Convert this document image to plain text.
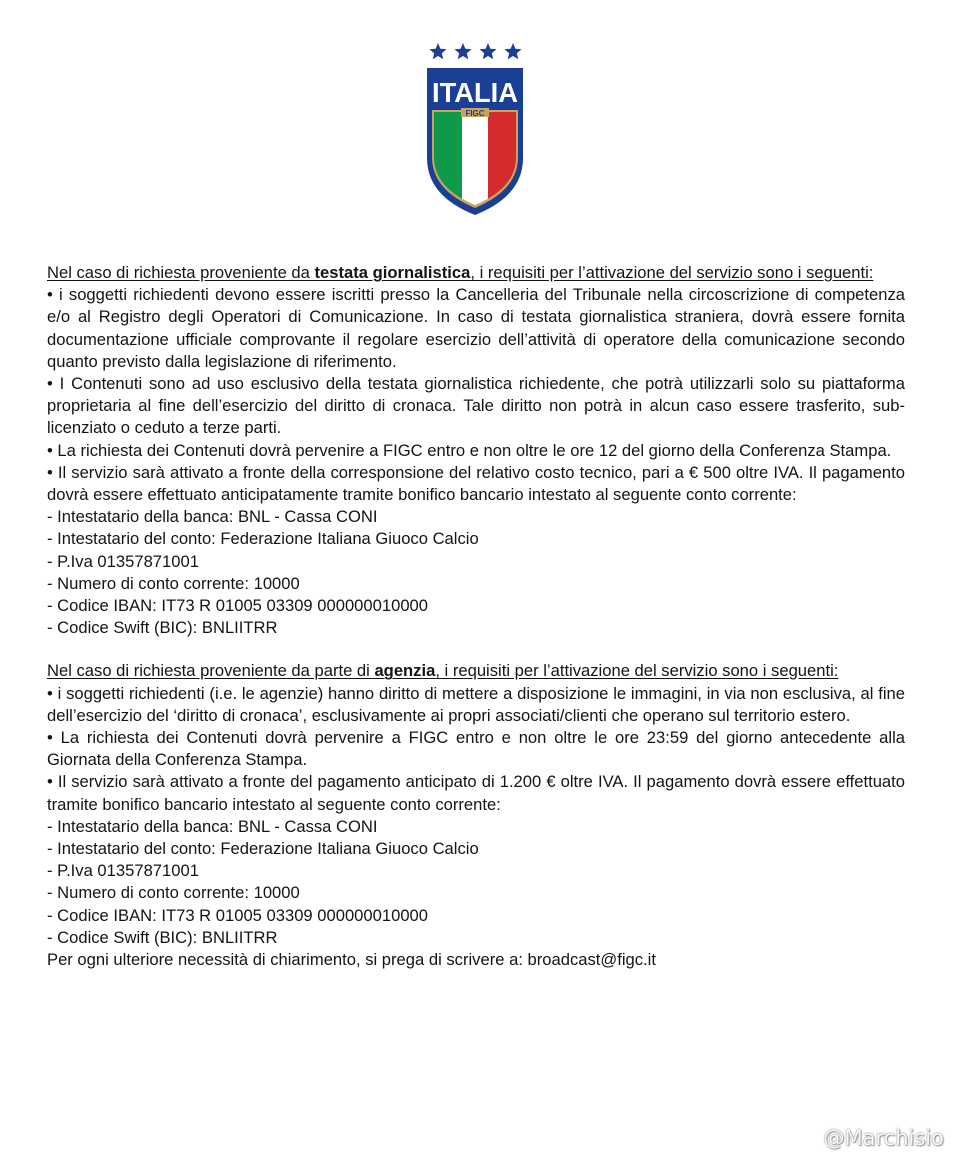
ITALIA
FIGC

Nel caso di richiesta proveniente da testata giornalistica, i requisiti per l’attivazione del servizio sono i seguenti:

• i soggetti richiedenti devono essere iscritti presso la Cancelleria del Tribunale nella circoscrizione di competenza e/o al Registro degli Operatori di Comunicazione. In caso di testata giornalistica straniera, dovrà essere fornita documentazione ufficiale comprovante il regolare esercizio dell’attività di operatore della comunicazione secondo quanto previsto dalla legislazione di riferimento.

• I Contenuti sono ad uso esclusivo della testata giornalistica richiedente, che potrà utilizzarli solo su piattaforma proprietaria al fine dell’esercizio del diritto di cronaca. Tale diritto non potrà in alcun caso essere trasferito, sub-licenziato o ceduto a terze parti.

• La richiesta dei Contenuti dovrà pervenire a FIGC entro e non oltre le ore 12 del giorno della Conferenza Stampa.

• Il servizio sarà attivato a fronte della corresponsione del relativo costo tecnico, pari a € 500 oltre IVA. Il pagamento dovrà essere effettuato anticipatamente tramite bonifico bancario intestato al seguente conto corrente:

- Intestatario della banca: BNL - Cassa CONI

- Intestatario del conto: Federazione Italiana Giuoco Calcio

- P.Iva 01357871001

- Numero di conto corrente: 10000

- Codice IBAN: IT73 R 01005 03309 000000010000

- Codice Swift (BIC): BNLIITRR

Nel caso di richiesta proveniente da parte di agenzia, i requisiti per l’attivazione del servizio sono i seguenti:

• i soggetti richiedenti (i.e. le agenzie) hanno diritto di mettere a disposizione le immagini, in via non esclusiva, al fine dell’esercizio del ‘diritto di cronaca’, esclusivamente ai propri associati/clienti che operano sul territorio estero.

• La richiesta dei Contenuti dovrà pervenire a FIGC entro e non oltre le ore 23:59 del giorno antecedente alla Giornata della Conferenza Stampa.

• Il servizio sarà attivato a fronte del pagamento anticipato di 1.200 € oltre IVA. Il pagamento dovrà essere effettuato tramite bonifico bancario intestato al seguente conto corrente:

- Intestatario della banca: BNL - Cassa CONI

- Intestatario del conto: Federazione Italiana Giuoco Calcio

- P.Iva 01357871001

- Numero di conto corrente: 10000

- Codice IBAN: IT73 R 01005 03309 000000010000

- Codice Swift (BIC): BNLIITRR

Per ogni ulteriore necessità di chiarimento, si prega di scrivere a: broadcast@figc.it

@Marchisio
